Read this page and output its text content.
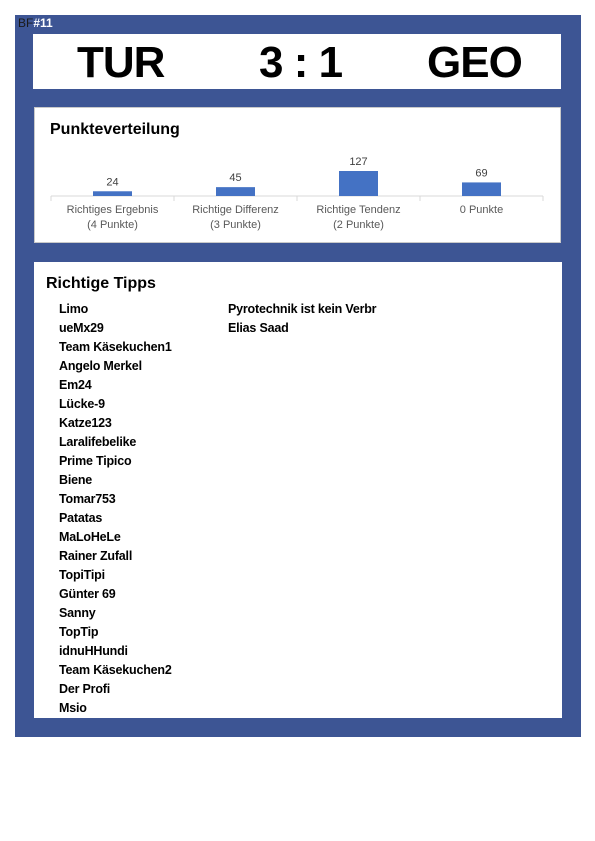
BF#11
TUR 3 : 1 GEO
Punkteverteilung
24
Richtiges Ergebnis
(4 Punkte)
45
Richtige Differenz
(3 Punkte)
127
Richtige Tendenz
(2 Punkte)
69
0 Punkte
Richtige Tipps
Limo
ueMx29
Team Käsekuchen1
Angelo Merkel
Em24
Lücke-9
Katze123
Laralifebelike
Prime Tipico
Biene
Tomar753
Patatas
MaLoHeLe
Rainer Zufall
TopiTipi
Günter 69
Sanny
TopTip
idnuHHundi
Team Käsekuchen2
Der Profi
Msio
Pyrotechnik ist kein Verbr
Elias Saad
